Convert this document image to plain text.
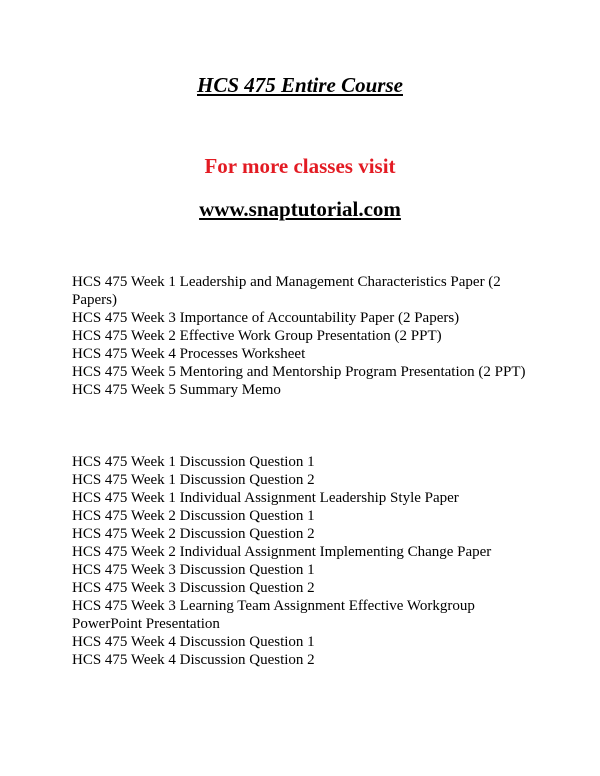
HCS 475 Entire Course
For more classes visit
www.snaptutorial.com
HCS 475 Week 1 Leadership and Management Characteristics Paper (2 Papers)
HCS 475 Week 3 Importance of Accountability Paper (2 Papers)
HCS 475 Week 2 Effective Work Group Presentation (2 PPT)
HCS 475 Week 4 Processes Worksheet
HCS 475 Week 5 Mentoring and Mentorship Program Presentation (2 PPT)
HCS 475 Week 5 Summary Memo
HCS 475 Week 1 Discussion Question 1
HCS 475 Week 1 Discussion Question 2
HCS 475 Week 1 Individual Assignment Leadership Style Paper
HCS 475 Week 2 Discussion Question 1
HCS 475 Week 2 Discussion Question 2
HCS 475 Week 2 Individual Assignment Implementing Change Paper
HCS 475 Week 3 Discussion Question 1
HCS 475 Week 3 Discussion Question 2
HCS 475 Week 3 Learning Team Assignment Effective Workgroup PowerPoint Presentation
HCS 475 Week 4 Discussion Question 1
HCS 475 Week 4 Discussion Question 2
